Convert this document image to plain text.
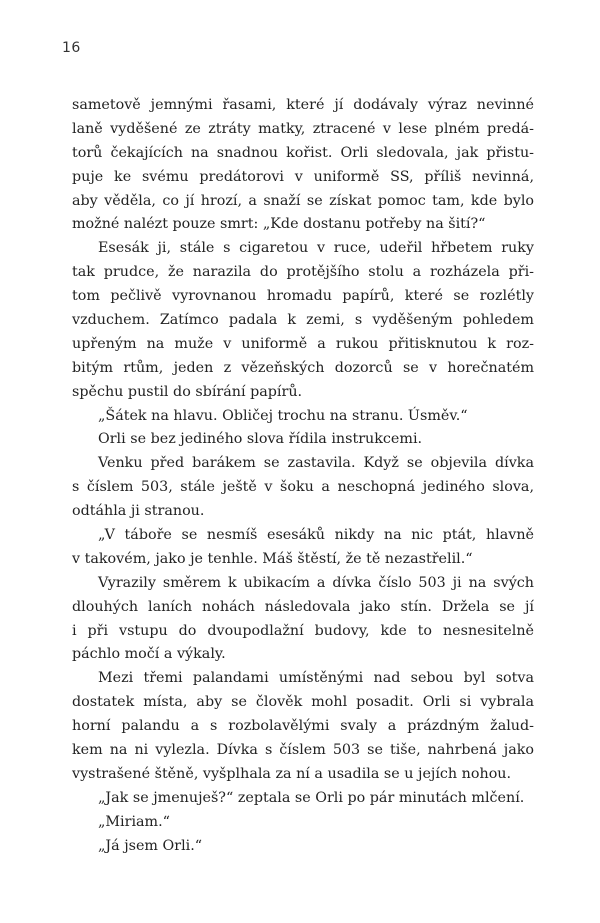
16
sametově jemnými řasami, které jí dodávaly výraz nevinné
laně vyděšené ze ztráty matky, ztracené v lese plném predá-
torů čekajících na snadnou kořist. Orli sledovala, jak přistu-
puje ke svému predátorovi v uniformě SS, příliš nevinná,
aby věděla, co jí hrozí, a snaží se získat pomoc tam, kde bylo
možné nalézt pouze smrt: „Kde dostanu potřeby na šití?“
Esesák ji, stále s cigaretou v ruce, udeřil hřbetem ruky
tak prudce, že narazila do protějšího stolu a rozházela při-
tom pečlivě vyrovnanou hromadu papírů, které se rozlétly
vzduchem. Zatímco padala k zemi, s vyděšeným pohledem
upřeným na muže v uniformě a rukou přitisknutou k roz-
bitým rtům, jeden z vězeňských dozorců se v horečnatém
spěchu pustil do sbírání papírů.
„Šátek na hlavu. Obličej trochu na stranu. Úsměv.“
Orli se bez jediného slova řídila instrukcemi.
Venku před barákem se zastavila. Když se objevila dívka
s číslem 503, stále ještě v šoku a neschopná jediného slova,
odtáhla ji stranou.
„V táboře se nesmíš esesáků nikdy na nic ptát, hlavně
v takovém, jako je tenhle. Máš štěstí, že tě nezastřelil.“
Vyrazily směrem k ubikacím a dívka číslo 503 ji na svých
dlouhých laních nohách následovala jako stín. Držela se jí
i při vstupu do dvoupodlažní budovy, kde to nesnesitelně
páchlo močí a výkaly.
Mezi třemi palandami umístěnými nad sebou byl sotva
dostatek místa, aby se člověk mohl posadit. Orli si vybrala
horní palandu a s rozbolavělými svaly a prázdným žalud-
kem na ni vylezla. Dívka s číslem 503 se tiše, nahrbená jako
vystrašené štěně, vyšplhala za ní a usadila se u jejích nohou.
„Jak se jmenuješ?“ zeptala se Orli po pár minutách mlčení.
„Miriam.“
„Já jsem Orli.“
